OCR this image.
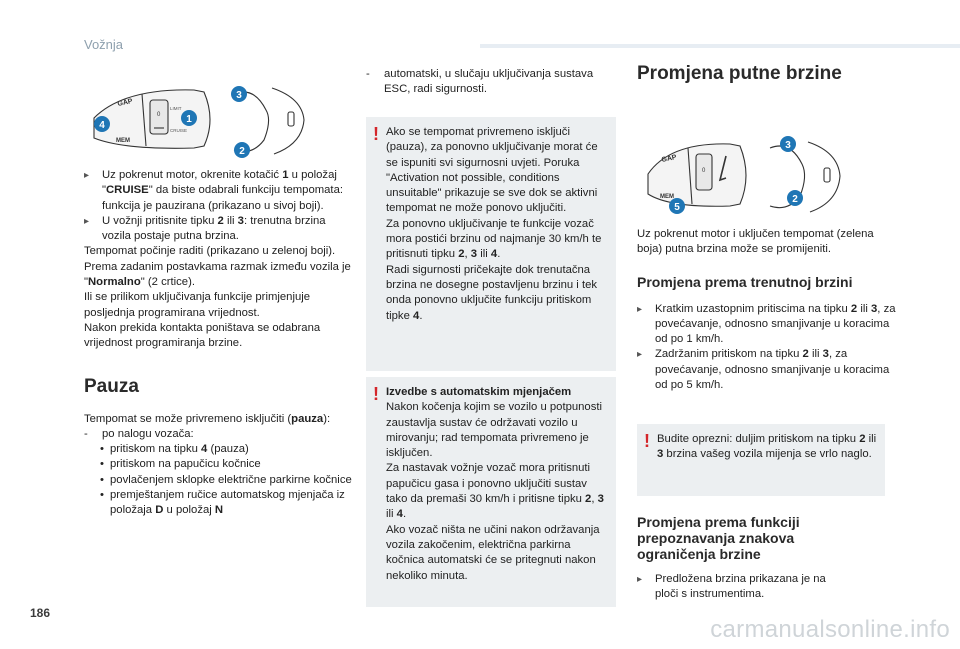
Vožnja
GAP
MEM
0
LIMIT
CRUISE
1
2
3
4

▸ Uz pokrenut motor, okrenite kotačić 1 u položaj "CRUISE" da biste odabrali funkciju tempomata: funkcija je pauzirana (prikazano u sivoj boji).

▸ U vožnji pritisnite tipku 2 ili 3: trenutna brzina vozila postaje putna brzina.

Tempomat počinje raditi (prikazano u zelenoj boji).

Prema zadanim postavkama razmak između vozila je "Normalno" (2 crtice).

Ili se prilikom uključivanja funkcije primjenjuje posljednja programirana vrijednost.

Nakon prekida kontakta poništava se odabrana vrijednost programiranja brzine.

Pauza

Tempomat se može privremeno isključiti (pauza):

- po nalogu vozača:

• pritiskom na tipku 4 (pauza)

• pritiskom na papučicu kočnice

• povlačenjem sklopke električne parkirne kočnice

• premještanjem ručice automatskog mjenjača iz položaja D u položaj N

- automatski, u slučaju uključivanja sustava ESC, radi sigurnosti.

! Ako se tempomat privremeno isključi (pauza), za ponovno uključivanje morat će se ispuniti svi sigurnosni uvjeti. Poruka "Activation not possible, conditions unsuitable" prikazuje se sve dok se aktivni tempomat ne može ponovo uključiti.

Za ponovno uključivanje te funkcije vozač mora postići brzinu od najmanje 30 km/h te pritisnuti tipku 2, 3 ili 4.

Radi sigurnosti pričekajte dok trenutačna brzina ne dosegne postavljenu brzinu i tek onda ponovno uključite funkciju pritiskom tipke 4.

! Izvedbe s automatskim mjenjačem

Nakon kočenja kojim se vozilo u potpunosti zaustavlja sustav će održavati vozilo u mirovanju; rad tempomata privremeno je isključen.

Za nastavak vožnje vozač mora pritisnuti papučicu gasa i ponovno uključiti sustav tako da premaši 30 km/h i pritisne tipku 2, 3 ili 4.

Ako vozač ništa ne učini nakon održavanja vozila zakočenim, električna parkirna kočnica automatski će se pritegnuti nakon nekoliko minuta.

Promjena putne brzine

GAP
MEM
0
3
2
5

Uz pokrenut motor i uključen tempomat (zelena boja) putna brzina može se promijeniti.

Promjena prema trenutnoj brzini

▸ Kratkim uzastopnim pritiscima na tipku 2 ili 3, za povećavanje, odnosno smanjivanje u koracima od po 1 km/h.

▸ Zadržanim pritiskom na tipku 2 ili 3, za povećavanje, odnosno smanjivanje u koracima od po 5 km/h.

! Budite oprezni: duljim pritiskom na tipku 2 ili 3 brzina vašeg vozila mijenja se vrlo naglo.

Promjena prema funkciji prepoznavanja znakova ograničenja brzine

▸ Predložena brzina prikazana je na ploči s instrumentima.

186
carmanualsonline.info
